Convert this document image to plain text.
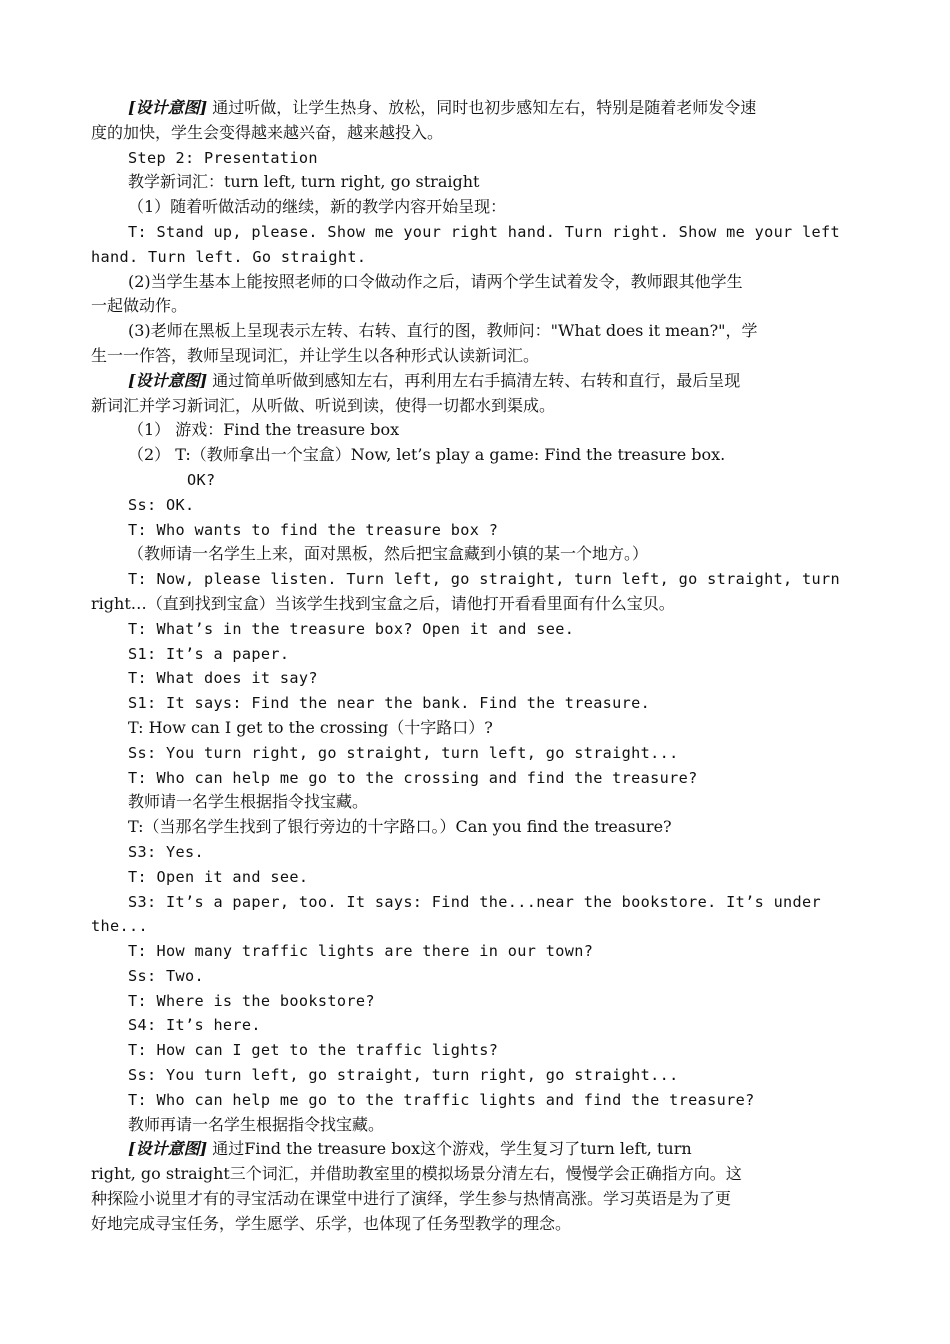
[设计意图] 通过听做，让学生热身、放松，同时也初步感知左右，特别是随着老师发令速
度的加快，学生会变得越来越兴奋，越来越投入。
Step 2: Presentation
教学新词汇：turn left, turn right, go straight
（1）随着听做活动的继续，新的教学内容开始呈现：
T: Stand up, please. Show me your right hand. Turn right. Show me your left
hand. Turn left. Go straight.
(2)当学生基本上能按照老师的口令做动作之后，请两个学生试着发令，教师跟其他学生
一起做动作。
(3)老师在黑板上呈现表示左转、右转、直行的图，教师问："What does it mean?"，学
生一一作答，教师呈现词汇，并让学生以各种形式认读新词汇。
[设计意图] 通过简单听做到感知左右，再利用左右手搞清左转、右转和直行，最后呈现
新词汇并学习新词汇，从听做、听说到读，使得一切都水到渠成。
（1） 游戏：Find the treasure box
（2） T:（教师拿出一个宝盒）Now, let’s play a game: Find the treasure box.
OK?
Ss: OK.
T: Who wants to find the treasure box ?
（教师请一名学生上来，面对黑板，然后把宝盒藏到小镇的某一个地方。）
T: Now, please listen. Turn left, go straight, turn left, go straight, turn
right…（直到找到宝盒）当该学生找到宝盒之后，请他打开看看里面有什么宝贝。
T: What’s in the treasure box? Open it and see.
S1: It’s a paper.
T: What does it say?
S1: It says: Find the near the bank. Find the treasure.
T: How can I get to the crossing（十字路口）?
Ss: You turn right, go straight, turn left, go straight...
T: Who can help me go to the crossing and find the treasure?
教师请一名学生根据指令找宝藏。
T:（当那名学生找到了银行旁边的十字路口。）Can you find the treasure?
S3: Yes.
T: Open it and see.
S3: It’s a paper, too. It says: Find the...near the bookstore. It’s under
the...
T: How many traffic lights are there in our town?
Ss: Two.
T: Where is the bookstore?
S4: It’s here.
T: How can I get to the traffic lights?
Ss: You turn left, go straight, turn right, go straight...
T: Who can help me go to the traffic lights and find the treasure?
教师再请一名学生根据指令找宝藏。
[设计意图] 通过Find the treasure box这个游戏，学生复习了turn left, turn
right, go straight三个词汇，并借助教室里的模拟场景分清左右，慢慢学会正确指方向。这
种探险小说里才有的寻宝活动在课堂中进行了演绎，学生参与热情高涨。学习英语是为了更
好地完成寻宝任务，学生愿学、乐学，也体现了任务型教学的理念。
